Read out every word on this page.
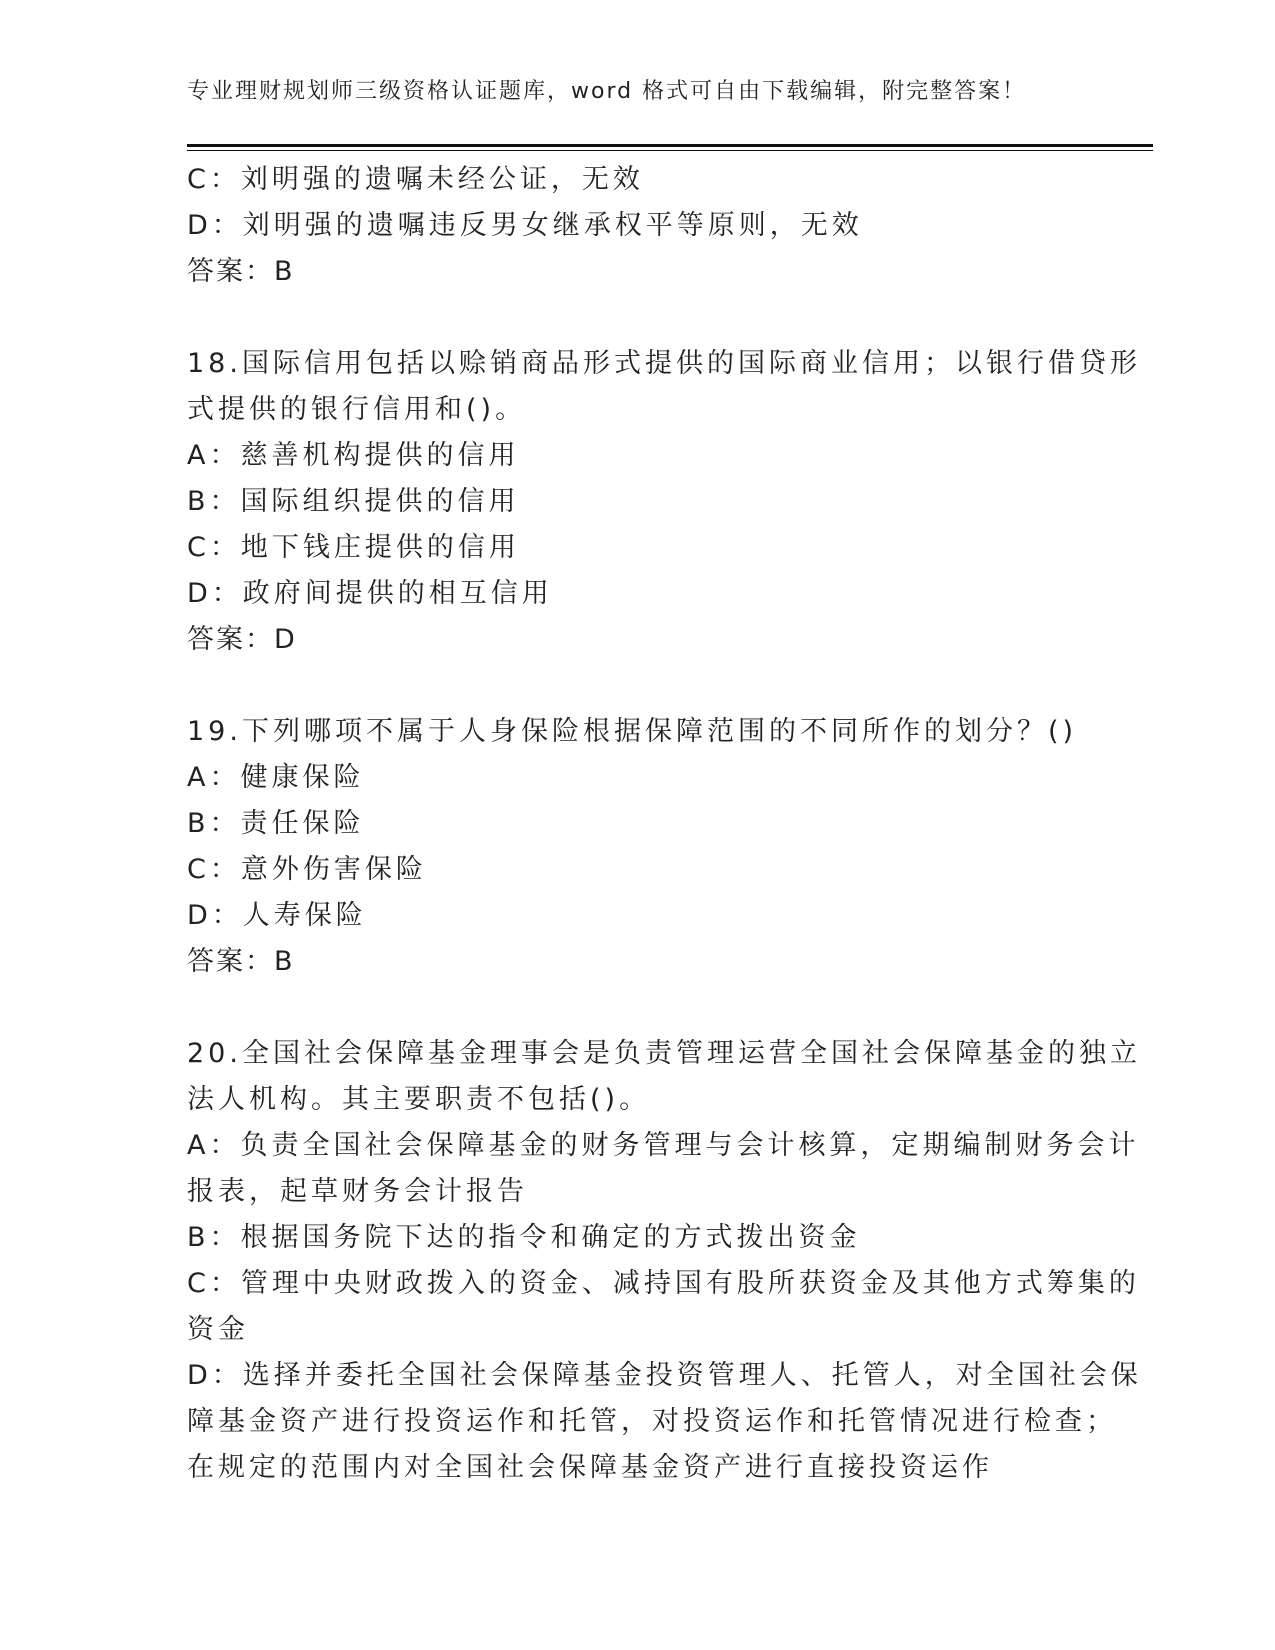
专业理财规划师三级资格认证题库，word 格式可自由下载编辑，附完整答案！
C：刘明强的遗嘱未经公证，无效
D：刘明强的遗嘱违反男女继承权平等原则，无效
答案：B
18.国际信用包括以赊销商品形式提供的国际商业信用；以银行借贷形
式提供的银行信用和()。
A：慈善机构提供的信用
B：国际组织提供的信用
C：地下钱庄提供的信用
D：政府间提供的相互信用
答案：D
19.下列哪项不属于人身保险根据保障范围的不同所作的划分？()
A：健康保险
B：责任保险
C：意外伤害保险
D：人寿保险
答案：B
20.全国社会保障基金理事会是负责管理运营全国社会保障基金的独立
法人机构。其主要职责不包括()。
A：负责全国社会保障基金的财务管理与会计核算，定期编制财务会计
报表，起草财务会计报告
B：根据国务院下达的指令和确定的方式拨出资金
C：管理中央财政拨入的资金、减持国有股所获资金及其他方式筹集的
资金
D：选择并委托全国社会保障基金投资管理人、托管人，对全国社会保
障基金资产进行投资运作和托管，对投资运作和托管情况进行检查；
在规定的范围内对全国社会保障基金资产进行直接投资运作
